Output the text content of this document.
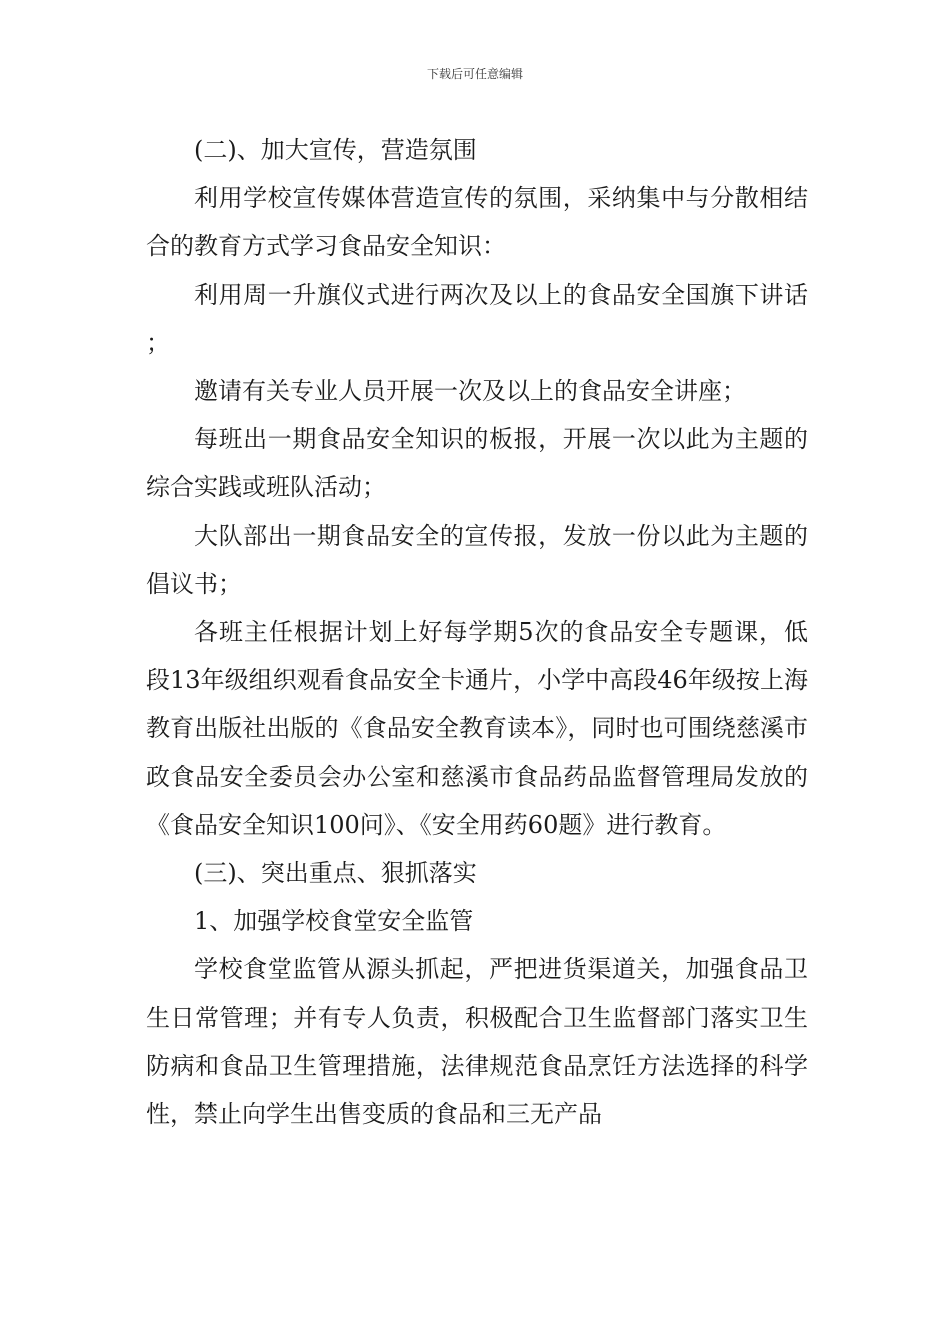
下载后可任意编辑

(二)、加大宣传，营造氛围

利用学校宣传媒体营造宣传的氛围，采纳集中与分散相结合的教育方式学习食品安全知识：

利用周一升旗仪式进行两次及以上的食品安全国旗下讲话；

邀请有关专业人员开展一次及以上的食品安全讲座；

每班出一期食品安全知识的板报，开展一次以此为主题的综合实践或班队活动；

大队部出一期食品安全的宣传报，发放一份以此为主题的倡议书；

各班主任根据计划上好每学期5次的食品安全专题课，低段13年级组织观看食品安全卡通片，小学中高段46年级按上海教育出版社出版的《食品安全教育读本》，同时也可围绕慈溪市政食品安全委员会办公室和慈溪市食品药品监督管理局发放的《食品安全知识100问》、《安全用药60题》进行教育。

(三)、突出重点、狠抓落实

1、加强学校食堂安全监管

学校食堂监管从源头抓起，严把进货渠道关，加强食品卫生日常管理；并有专人负责，积极配合卫生监督部门落实卫生防病和食品卫生管理措施，法律规范食品烹饪方法选择的科学性，禁止向学生出售变质的食品和三无产品
